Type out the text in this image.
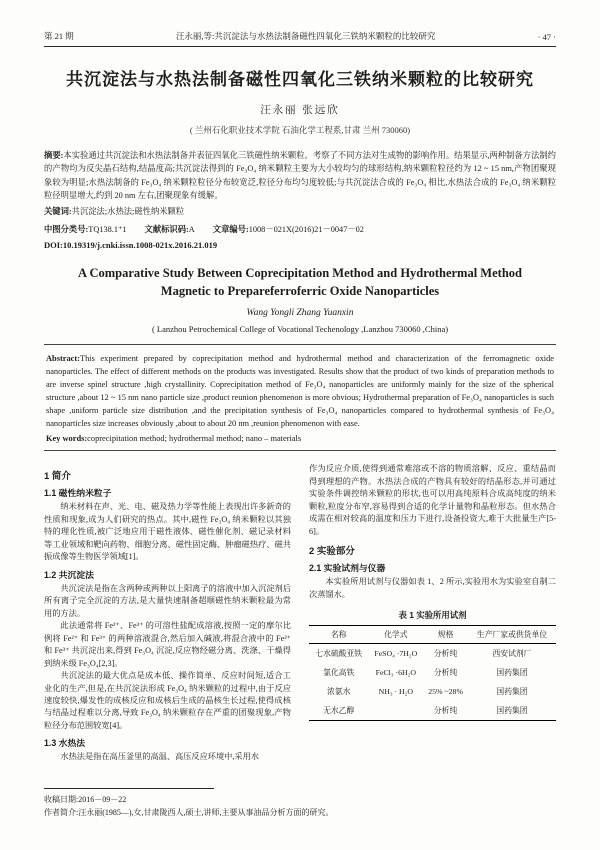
第 21 期	汪永丽,等:共沉淀法与水热法制备磁性四氧化三铁纳米颗粒的比较研究	· 47 ·
共沉淀法与水热法制备磁性四氧化三铁纳米颗粒的比较研究
汪永丽 张远欣
( 兰州石化职业技术学院 石油化学工程系,甘肃 兰州 730060)

摘要:本实验通过共沉淀法和水热法制备并表征四氧化三铁磁性纳米颗粒。考察了不同方法对生成物的影响作用。结果显示,两种制备方法制约的产物均为反尖晶石结构,结晶度高;共沉淀法得到的 Fe₃O₄ 纳米颗粒主要为大小较均匀的球形结构,纳米颗粒粒径约为 12 ~ 15 nm,产物团聚现象较为明显;水热法制备的 Fe₃O₄ 纳米颗粒粒径分布较宽泛,粒径分布均匀度较低;与共沉淀法合成的 Fe₃O₄ 相比,水热法合成的 Fe₃O₄ 纳米颗粒粒径明显增大,约到 20 nm 左右,团聚现象有缓解。

关键词:共沉淀法;水热法;磁性纳米颗粒

中图分类号:TQ138.1⁺1 文献标识码:A 文章编号:1008－021X(2016)21－0047－02
DOI:10.19319/j.cnki.issn.1008-021x.2016.21.019
A Comparative Study Between Coprecipitation Method and Hydrothermal Method Magnetic to Prepareferroferric Oxide Nanoparticles
Wang Yongli Zhang Yuanxin
( Lanzhou Petrochemical College of Vocational Techenology ,Lanzhou 730060 ,China)

Abstract:This experiment prepared by coprecipitation method and hydrothermal method and characterization of the ferromagnetic oxide nanoparticles. The effect of different methods on the products was investigated. Results show that the product of two kinds of preparation methods to are inverse spinel structure ,high crystallinity. Coprecipitation method of Fe₃O₄ nanoparticles are uniformly mainly for the size of the spherical structure ,about 12 ~ 15 nm nano particle size ,product reunion phenomenon is more obvious; Hydrothermal preparation of Fe₃O₄ nanoparticles is such shape ,uniform particle size distribution ,and the precipitation synthesis of Fe₃O₄ nanoparticles compared to hydrothermal synthesis of Fe₃O₄ nanoparticles size increases obviously ,about to about 20 nm ,reunion phenomenon with ease.

Key words:coprecipitation method; hydrothermal method; nano – materials

1 简介
1.1 磁性纳米粒子

纳米材料在声、光、电、磁及热力学等性能上表现出许多新奇的性质和现象,成为人们研究的热点。其中,磁性 Fe₃O₄ 纳米颗粒以其独特的理化性质,被广泛地应用于磁性液体、磁性催化剂、磁记录材料等工业领域和靶向药物、细胞分离、磁性固定酶、肿瘤磁热疗、磁共振成像等生物医学领域[1]。

1.2 共沉淀法

共沉淀法是指在含两种或两种以上阳离子的溶液中加入沉淀剂后所有离子完全沉淀的方法,是大量快速制备超顺磁性纳米颗粒最为常用的方法。

此法通常将 Fe²⁺、Fe³⁺ 的可溶性盐配成溶液,按照一定的摩尔比例将 Fe²⁺ 和 Fe³⁺ 的两种溶液混合,然后加入碱液,将混合液中的 Fe²⁺ 和 Fe³⁺ 共沉淀出来,得到 Fe₃O₄ 沉淀,反应物经磁分离、洗涤、干燥得到纳米级 Fe₃O₄[2,3]。

共沉淀法的最大优点是成本低、操作简单、反应时间短,适合工业化的生产,但是,在共沉淀法形成 Fe₃O₄ 纳米颗粒的过程中,由于反应速度较快,爆发性的成核反应和成核后生成的晶核生长过程,使得成核与结晶过程难以分离,导致 Fe₃O₄ 纳米颗粒存在严重的团聚现象,产物粒径分布范围较宽[4]。

1.3 水热法

水热法是指在高压釜里的高温、高压反应环境中,采用水

作为反应介质,使得到通常难溶或不溶的物质溶解、反应、重结晶而得到理想的产物。水热法合成的产物具有较好的结晶形态,并可通过实验条件调控纳米颗粒的形状,也可以用高纯原料合成高纯度的纳米颗粒,粒度分布窄,容易得到合适的化学计量物和晶粒形态。但水热合成需在相对较高的温度和压力下进行,设备投资大,难于大批量生产[5-6]。

2 实验部分
2.1 实验试剂与仪器

本实验所用试剂与仪器如表 1、2 所示,实验用水为实验室自制二次蒸馏水。

表 1 实验所用试剂
名称	化学式	规格	生产厂家或供货单位
七水硫酸亚铁	FeSO₄ ·7H₂O	分析纯	西安试剂厂
氯化高铁	FeCl₃ ·6H₂O	分析纯	国药集团
浓氨水	NH₃ · H₂O	25% ~28%	国药集团
无水乙醇		分析纯	国药集团
收稿日期:2016－09－22
作者简介:汪永丽(1985—),女,甘肃陇西人,硕士,讲师,主要从事油品分析方面的研究。
